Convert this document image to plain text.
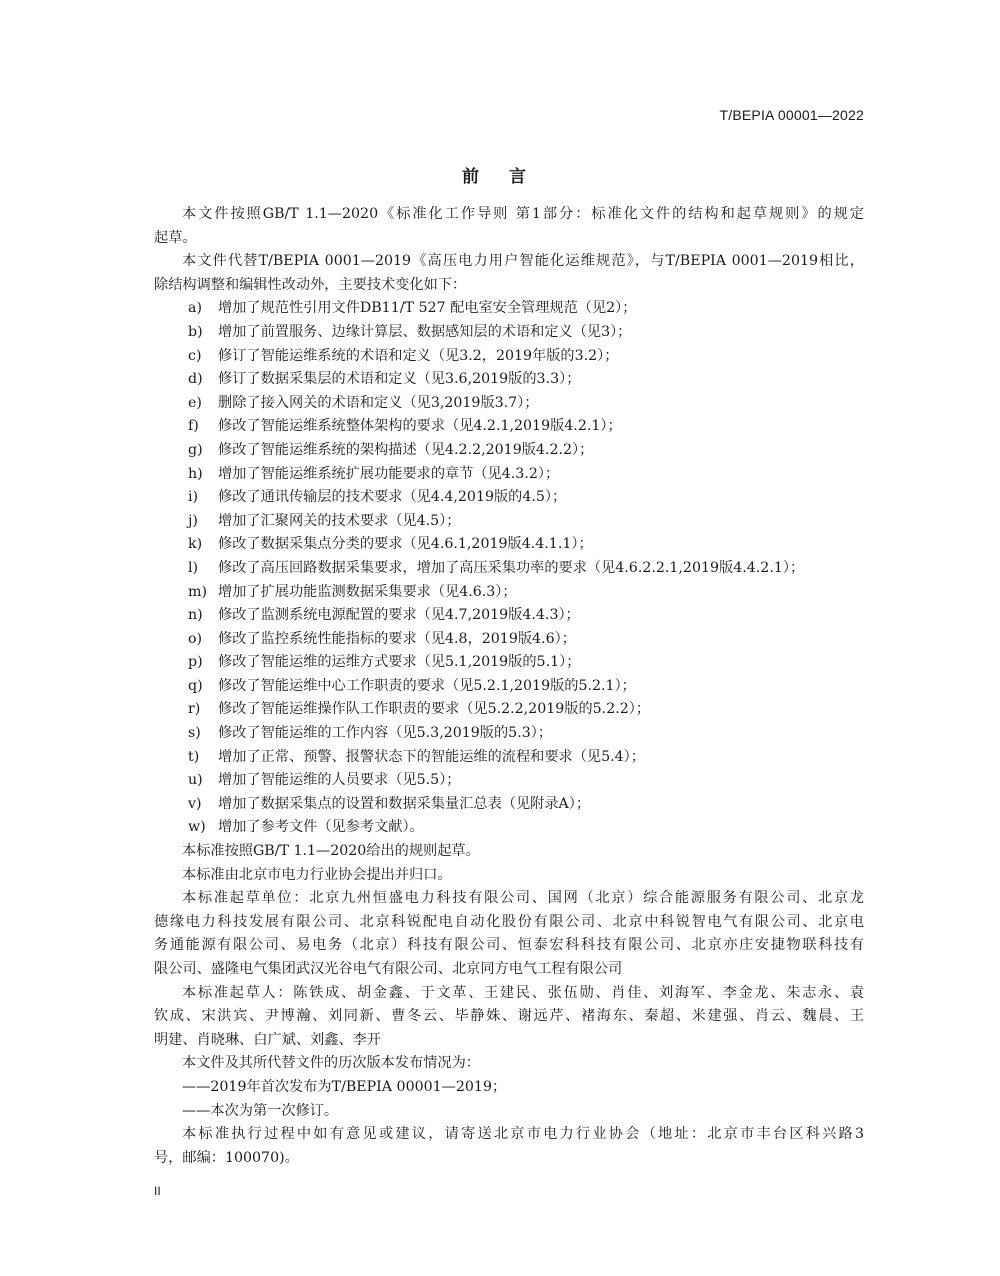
T/BEPIA 00001—2022
前 言
本文件按照GB/T 1.1—2020《标准化工作导则 第1部分：标准化文件的结构和起草规则》的规定
起草。
本文件代替T/BEPIA 0001—2019《高压电力用户智能化运维规范》，与T/BEPIA 0001—2019相比，
除结构调整和编辑性改动外，主要技术变化如下：
a)	增加了规范性引用文件DB11/T 527 配电室安全管理规范（见2）；
b)	增加了前置服务、边缘计算层、数据感知层的术语和定义（见3）；
c)	修订了智能运维系统的术语和定义（见3.2，2019年版的3.2）；
d)	修订了数据采集层的术语和定义（见3.6,2019版的3.3）；
e)	删除了接入网关的术语和定义（见3,2019版3.7）；
f)	修改了智能运维系统整体架构的要求（见4.2.1,2019版4.2.1）；
g)	修改了智能运维系统的架构描述（见4.2.2,2019版4.2.2）；
h)	增加了智能运维系统扩展功能要求的章节（见4.3.2）；
i)	修改了通讯传输层的技术要求（见4.4,2019版的4.5）；
j)	增加了汇聚网关的技术要求（见4.5）；
k)	修改了数据采集点分类的要求（见4.6.1,2019版4.4.1.1）；
l)	修改了高压回路数据采集要求，增加了高压采集功率的要求（见4.6.2.2.1,2019版4.4.2.1）；
m) 增加了扩展功能监测数据采集要求（见4.6.3）；
n)	修改了监测系统电源配置的要求（见4.7,2019版4.4.3）；
o)	修改了监控系统性能指标的要求（见4.8，2019版4.6）；
p)	修改了智能运维的运维方式要求（见5.1,2019版的5.1）；
q)	修改了智能运维中心工作职责的要求（见5.2.1,2019版的5.2.1）；
r)	修改了智能运维操作队工作职责的要求（见5.2.2,2019版的5.2.2）；
s)	修改了智能运维的工作内容（见5.3,2019版的5.3）；
t)	增加了正常、预警、报警状态下的智能运维的流程和要求（见5.4）；
u)	增加了智能运维的人员要求（见5.5）；
v)	增加了数据采集点的设置和数据采集量汇总表（见附录A）；
w) 增加了参考文件（见参考文献）。
本标准按照GB/T 1.1—2020给出的规则起草。
本标准由北京市电力行业协会提出并归口。
本标准起草单位：北京九州恒盛电力科技有限公司、国网（北京）综合能源服务有限公司、北京龙
德缘电力科技发展有限公司、北京科锐配电自动化股份有限公司、北京中科锐智电气有限公司、北京电
务通能源有限公司、易电务（北京）科技有限公司、恒泰宏科科技有限公司、北京亦庄安捷物联科技有
限公司、盛隆电气集团武汉光谷电气有限公司、北京同方电气工程有限公司
本标准起草人：陈铁成、胡金鑫、于文革、王建民、张伍勋、肖佳、刘海军、李金龙、朱志永、袁
钦成、宋洪宾、尹博瀚、刘同新、曹冬云、毕静姝、谢远芹、褚海东、秦超、米建强、肖云、魏晨、王
明建、肖晓琳、白广斌、刘鑫、李开
本文件及其所代替文件的历次版本发布情况为：
——2019年首次发布为T/BEPIA 00001—2019；
——本次为第一次修订。
本标准执行过程中如有意见或建议，请寄送北京市电力行业协会（地址：北京市丰台区科兴路3
号，邮编：100070)。
II
